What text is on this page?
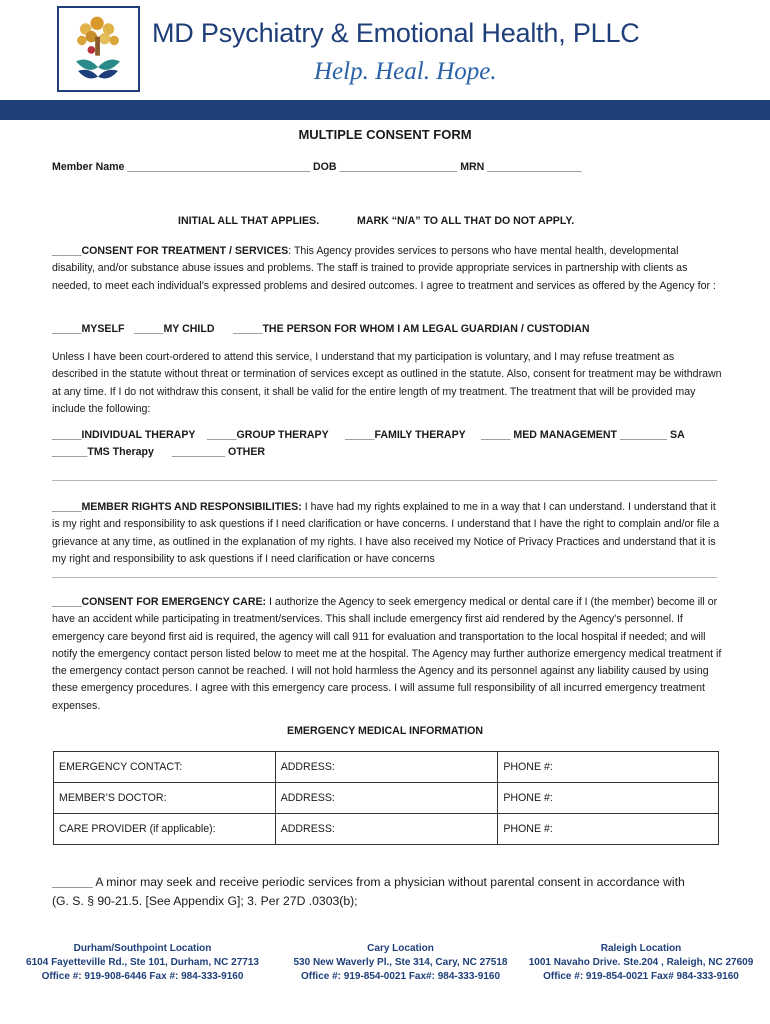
MD Psychiatry & Emotional Health, PLLC
Help. Heal. Hope.
MULTIPLE CONSENT FORM
Member Name _______________________________ DOB ____________________ MRN ________________
INITIAL ALL THAT APPLIES.	MARK “N/A” TO ALL THAT DO NOT APPLY.
_____CONSENT FOR TREATMENT / SERVICES: This Agency provides services to persons who have mental health, developmental disability, and/or substance abuse issues and problems. The staff is trained to provide appropriate services in partnership with clients as needed, to meet each individual’s expressed problems and desired outcomes. I agree to treatment and services as offered by the Agency for :
_____MYSELF _____MY CHILD _____THE PERSON FOR WHOM I AM LEGAL GUARDIAN / CUSTODIAN
Unless I have been court-ordered to attend this service, I understand that my participation is voluntary, and I may refuse treatment as described in the statute without threat or termination of services except as outlined in the statute. Also, consent for treatment may be withdrawn at any time. If I do not withdraw this consent, it shall be valid for the entire length of my treatment. The treatment that will be provided may include the following:
_____INDIVIDUAL THERAPY _____GROUP THERAPY _____FAMILY THERAPY _____ MED MANAGEMENT ________ SA
______TMS Therapy _________ OTHER
_____MEMBER RIGHTS AND RESPONSIBILITIES: I have had my rights explained to me in a way that I can understand. I understand that it is my right and responsibility to ask questions if I need clarification or have concerns. I understand that I have the right to complain and/or file a grievance at any time, as outlined in the explanation of my rights. I have also received my Notice of Privacy Practices and understand that it is my right and responsibility to ask questions if I need clarification or have concerns
_____CONSENT FOR EMERGENCY CARE: I authorize the Agency to seek emergency medical or dental care if I (the member) become ill or have an accident while participating in treatment/services. This shall include emergency first aid rendered by the Agency’s personnel. If emergency care beyond first aid is required, the agency will call 911 for evaluation and transportation to the local hospital if needed; and will notify the emergency contact person listed below to meet me at the hospital. The Agency may further authorize emergency medical treatment if the emergency contact person cannot be reached. I will not hold harmless the Agency and its personnel against any liability caused by using these emergency procedures. I agree with this emergency care process. I will assume full responsibility of all incurred emergency treatment expenses.
EMERGENCY MEDICAL INFORMATION
EMERGENCY CONTACT:	ADDRESS:	PHONE #:
MEMBER’S DOCTOR:	ADDRESS:	PHONE #:
CARE PROVIDER (if applicable):	ADDRESS:	PHONE #:
______ A minor may seek and receive periodic services from a physician without parental consent in accordance with
(G. S. § 90-21.5. [See Appendix G]; 3. Per 27D .0303(b);
Durham/Southpoint Location
6104 Fayetteville Rd., Ste 101, Durham, NC 27713
Office #: 919-908-6446 Fax #: 984-333-9160
Cary Location
530 New Waverly Pl., Ste 314, Cary, NC 27518
Office #: 919-854-0021 Fax#: 984-333-9160
Raleigh Location
1001 Navaho Drive. Ste.204 , Raleigh, NC 27609
Office #: 919-854-0021 Fax# 984-333-9160
